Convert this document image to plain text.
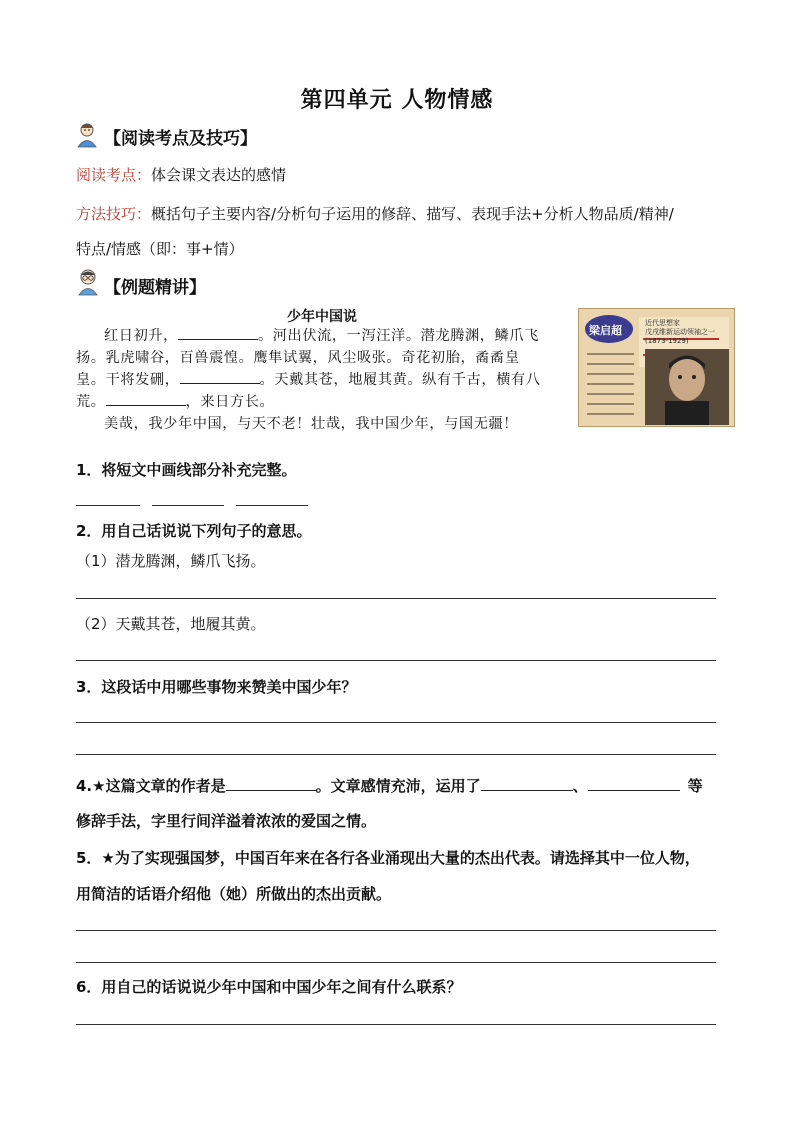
第四单元 人物情感
【阅读考点及技巧】
阅读考点：体会课文表达的感情
方法技巧：概括句子主要内容/分析句子运用的修辞、描写、表现手法+分析人物品质/精神/
特点/情感（即：事+情）
【例题精讲】
少年中国说
红日初升，	。河出伏流，一泻汪洋。潜龙腾渊，鳞爪飞
扬。乳虎啸谷，百兽震惶。鹰隼试翼，风尘吸张。奇花初胎，矞矞皇
皇。干将发硎，	。天戴其苍，地履其黄。纵有千古，横有八
荒。	，来日方长。
美哉，我少年中国，与天不老！壮哉，我中国少年，与国无疆！
梁启超
近代思想家
戊戌维新运动领袖之一
(1873-1929)
1．将短文中画线部分补充完整。
2．用自己话说说下列句子的意思。
（1）潜龙腾渊，鳞爪飞扬。
（2）天戴其苍，地履其黄。
3．这段话中用哪些事物来赞美中国少年？
4.★这篇文章的作者是	。文章感情充沛，运用了	、	等
修辞手法，字里行间洋溢着浓浓的爱国之情。
5．★为了实现强国梦，中国百年来在各行各业涌现出大量的杰出代表。请选择其中一位人物，
用简洁的话语介绍他（她）所做出的杰出贡献。
6．用自己的话说说少年中国和中国少年之间有什么联系？
